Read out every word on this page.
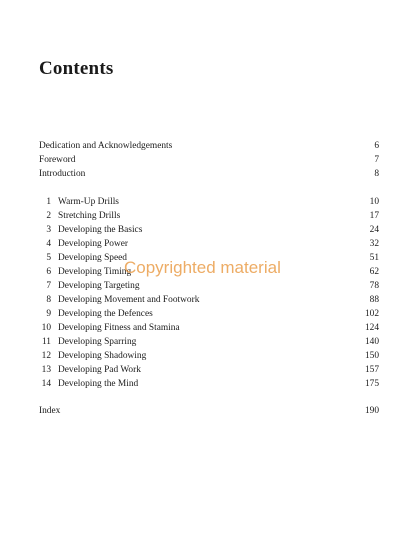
Contents
Dedication and Acknowledgements	6
Foreword	7
Introduction	8
1 Warm-Up Drills	10
2 Stretching Drills	17
3 Developing the Basics	24
4 Developing Power	32
5 Developing Speed	51
6 Developing Timing	62
7 Developing Targeting	78
8 Developing Movement and Footwork	88
9 Developing the Defences	102
10 Developing Fitness and Stamina	124
11 Developing Sparring	140
12 Developing Shadowing	150
13 Developing Pad Work	157
14 Developing the Mind	175
Index	190
Copyrighted material
